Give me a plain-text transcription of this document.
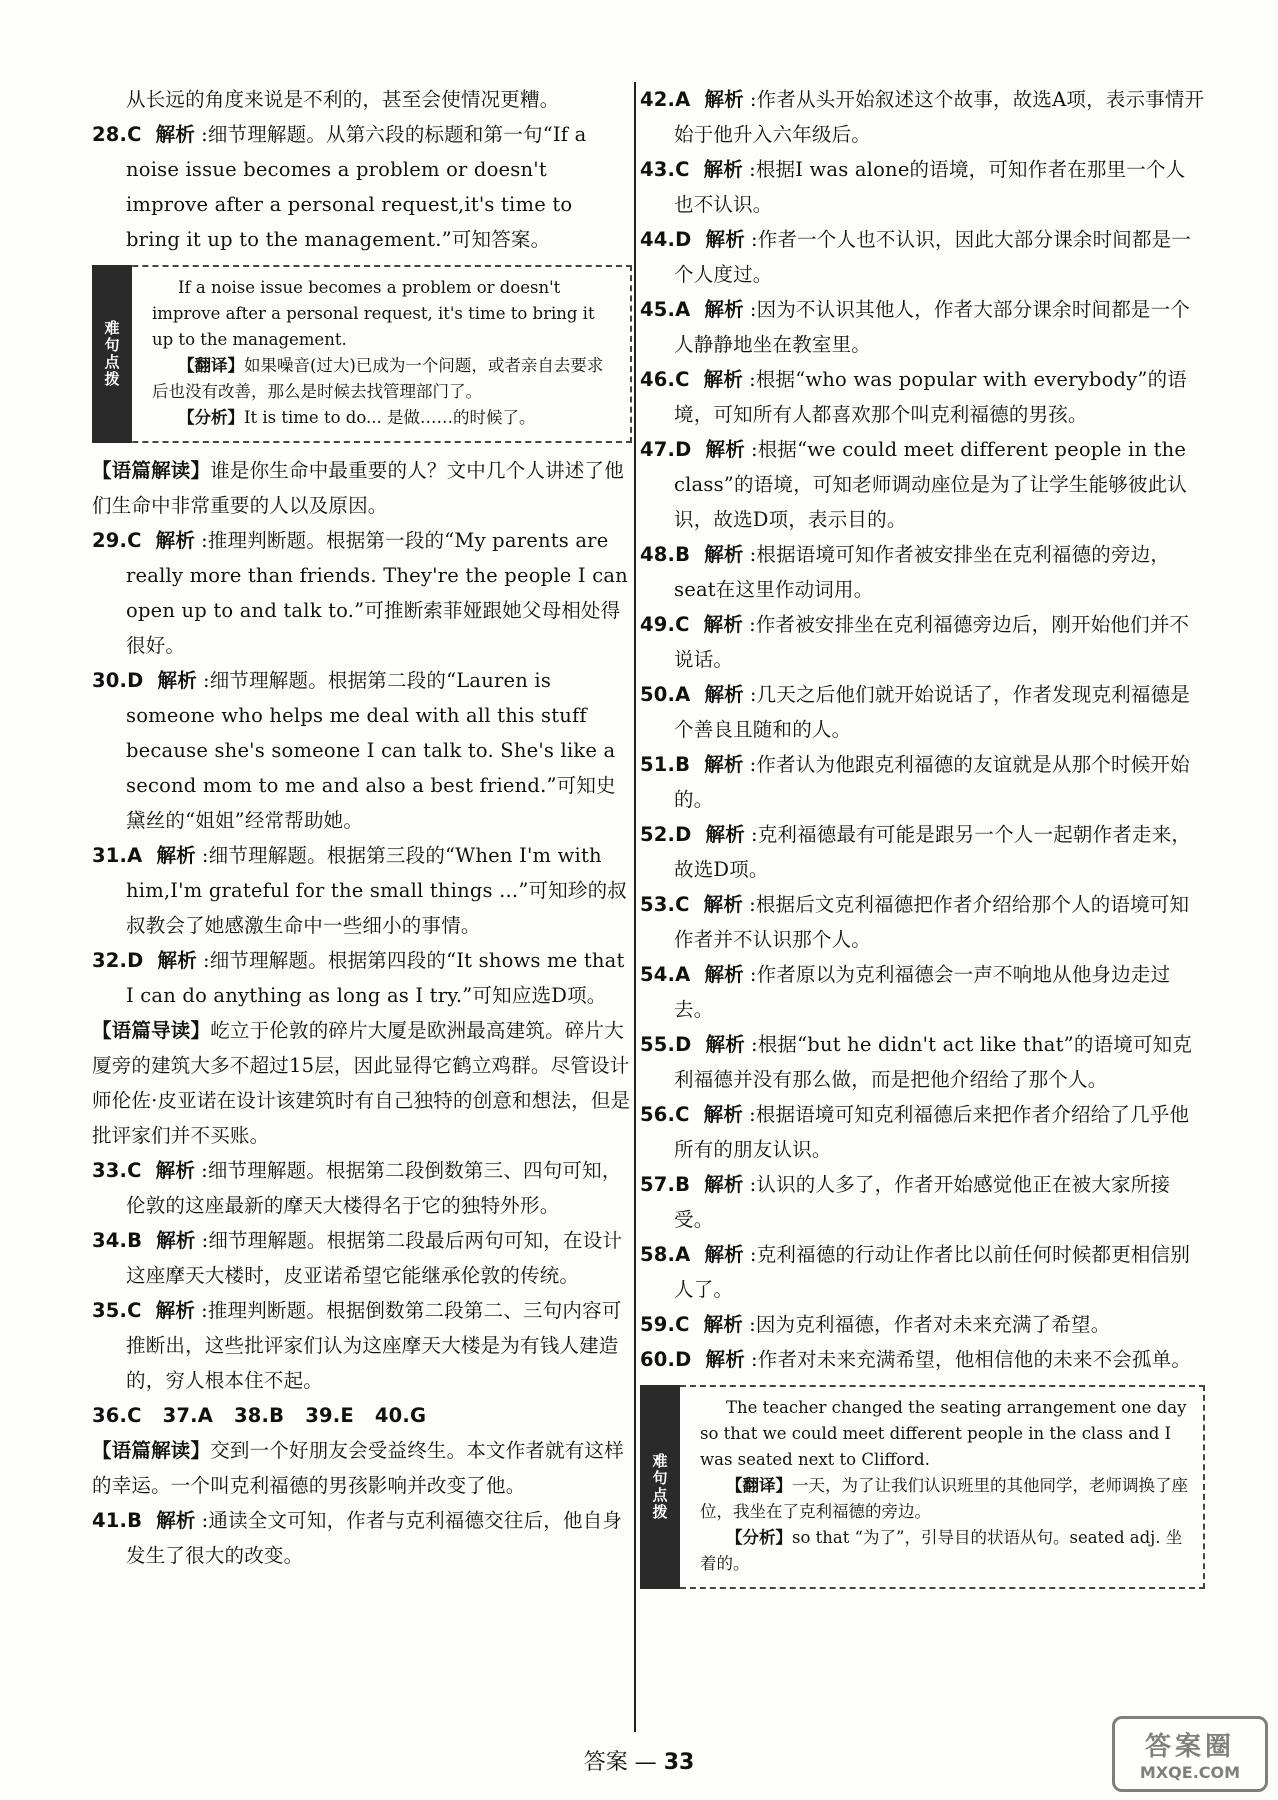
从长远的角度来说是不利的，甚至会使情况更糟。

28.C 解析 :细节理解题。从第六段的标题和第一句“If a noise issue becomes a problem or doesn't improve after a personal request,it's time to bring it up to the management.”可知答案。

难句点拨

If a noise issue becomes a problem or doesn't improve after a personal request, it's time to bring it up to the management.

【翻译】如果噪音(过大)已成为一个问题，或者亲自去要求后也没有改善，那么是时候去找管理部门了。

【分析】It is time to do... 是做……的时候了。

【语篇解读】谁是你生命中最重要的人？文中几个人讲述了他们生命中非常重要的人以及原因。

29.C 解析 :推理判断题。根据第一段的“My parents are really more than friends. They're the people I can open up to and talk to.”可推断索菲娅跟她父母相处得很好。

30.D 解析 :细节理解题。根据第二段的“Lauren is someone who helps me deal with all this stuff because she's someone I can talk to. She's like a second mom to me and also a best friend.”可知史黛丝的“姐姐”经常帮助她。

31.A 解析 :细节理解题。根据第三段的“When I'm with him,I'm grateful for the small things ...”可知珍的叔叔教会了她感激生命中一些细小的事情。

32.D 解析 :细节理解题。根据第四段的“It shows me that I can do anything as long as I try.”可知应选D项。

【语篇导读】屹立于伦敦的碎片大厦是欧洲最高建筑。碎片大厦旁的建筑大多不超过15层，因此显得它鹤立鸡群。尽管设计师伦佐·皮亚诺在设计该建筑时有自己独特的创意和想法，但是批评家们并不买账。

33.C 解析 :细节理解题。根据第二段倒数第三、四句可知，伦敦的这座最新的摩天大楼得名于它的独特外形。

34.B 解析 :细节理解题。根据第二段最后两句可知，在设计这座摩天大楼时，皮亚诺希望它能继承伦敦的传统。

35.C 解析 :推理判断题。根据倒数第二段第二、三句内容可推断出，这些批评家们认为这座摩天大楼是为有钱人建造的，穷人根本住不起。

36.C   37.A   38.B   39.E   40.G

【语篇解读】交到一个好朋友会受益终生。本文作者就有这样的幸运。一个叫克利福德的男孩影响并改变了他。

41.B 解析 :通读全文可知，作者与克利福德交往后，他自身发生了很大的改变。

42.A 解析 :作者从头开始叙述这个故事，故选A项，表示事情开始于他升入六年级后。

43.C 解析 :根据I was alone的语境，可知作者在那里一个人也不认识。

44.D 解析 :作者一个人也不认识，因此大部分课余时间都是一个人度过。

45.A 解析 :因为不认识其他人，作者大部分课余时间都是一个人静静地坐在教室里。

46.C 解析 :根据“who was popular with everybody”的语境，可知所有人都喜欢那个叫克利福德的男孩。

47.D 解析 :根据“we could meet different people in the class”的语境，可知老师调动座位是为了让学生能够彼此认识，故选D项，表示目的。

48.B 解析 :根据语境可知作者被安排坐在克利福德的旁边，seat在这里作动词用。

49.C 解析 :作者被安排坐在克利福德旁边后，刚开始他们并不说话。

50.A 解析 :几天之后他们就开始说话了，作者发现克利福德是个善良且随和的人。

51.B 解析 :作者认为他跟克利福德的友谊就是从那个时候开始的。

52.D 解析 :克利福德最有可能是跟另一个人一起朝作者走来，故选D项。

53.C 解析 :根据后文克利福德把作者介绍给那个人的语境可知作者并不认识那个人。

54.A 解析 :作者原以为克利福德会一声不响地从他身边走过去。

55.D 解析 :根据“but he didn't act like that”的语境可知克利福德并没有那么做，而是把他介绍给了那个人。

56.C 解析 :根据语境可知克利福德后来把作者介绍给了几乎他所有的朋友认识。

57.B 解析 :认识的人多了，作者开始感觉他正在被大家所接受。

58.A 解析 :克利福德的行动让作者比以前任何时候都更相信别人了。

59.C 解析 :因为克利福德，作者对未来充满了希望。

60.D 解析 :作者对未来充满希望，他相信他的未来不会孤单。

难句点拨

The teacher changed the seating arrangement one day so that we could meet different people in the class and I was seated next to Clifford.

【翻译】一天，为了让我们认识班里的其他同学，老师调换了座位，我坐在了克利福德的旁边。

【分析】so that “为了”，引导目的状语从句。seated adj. 坐着的。

答案 — 33
答案圈
MXQE.COM
